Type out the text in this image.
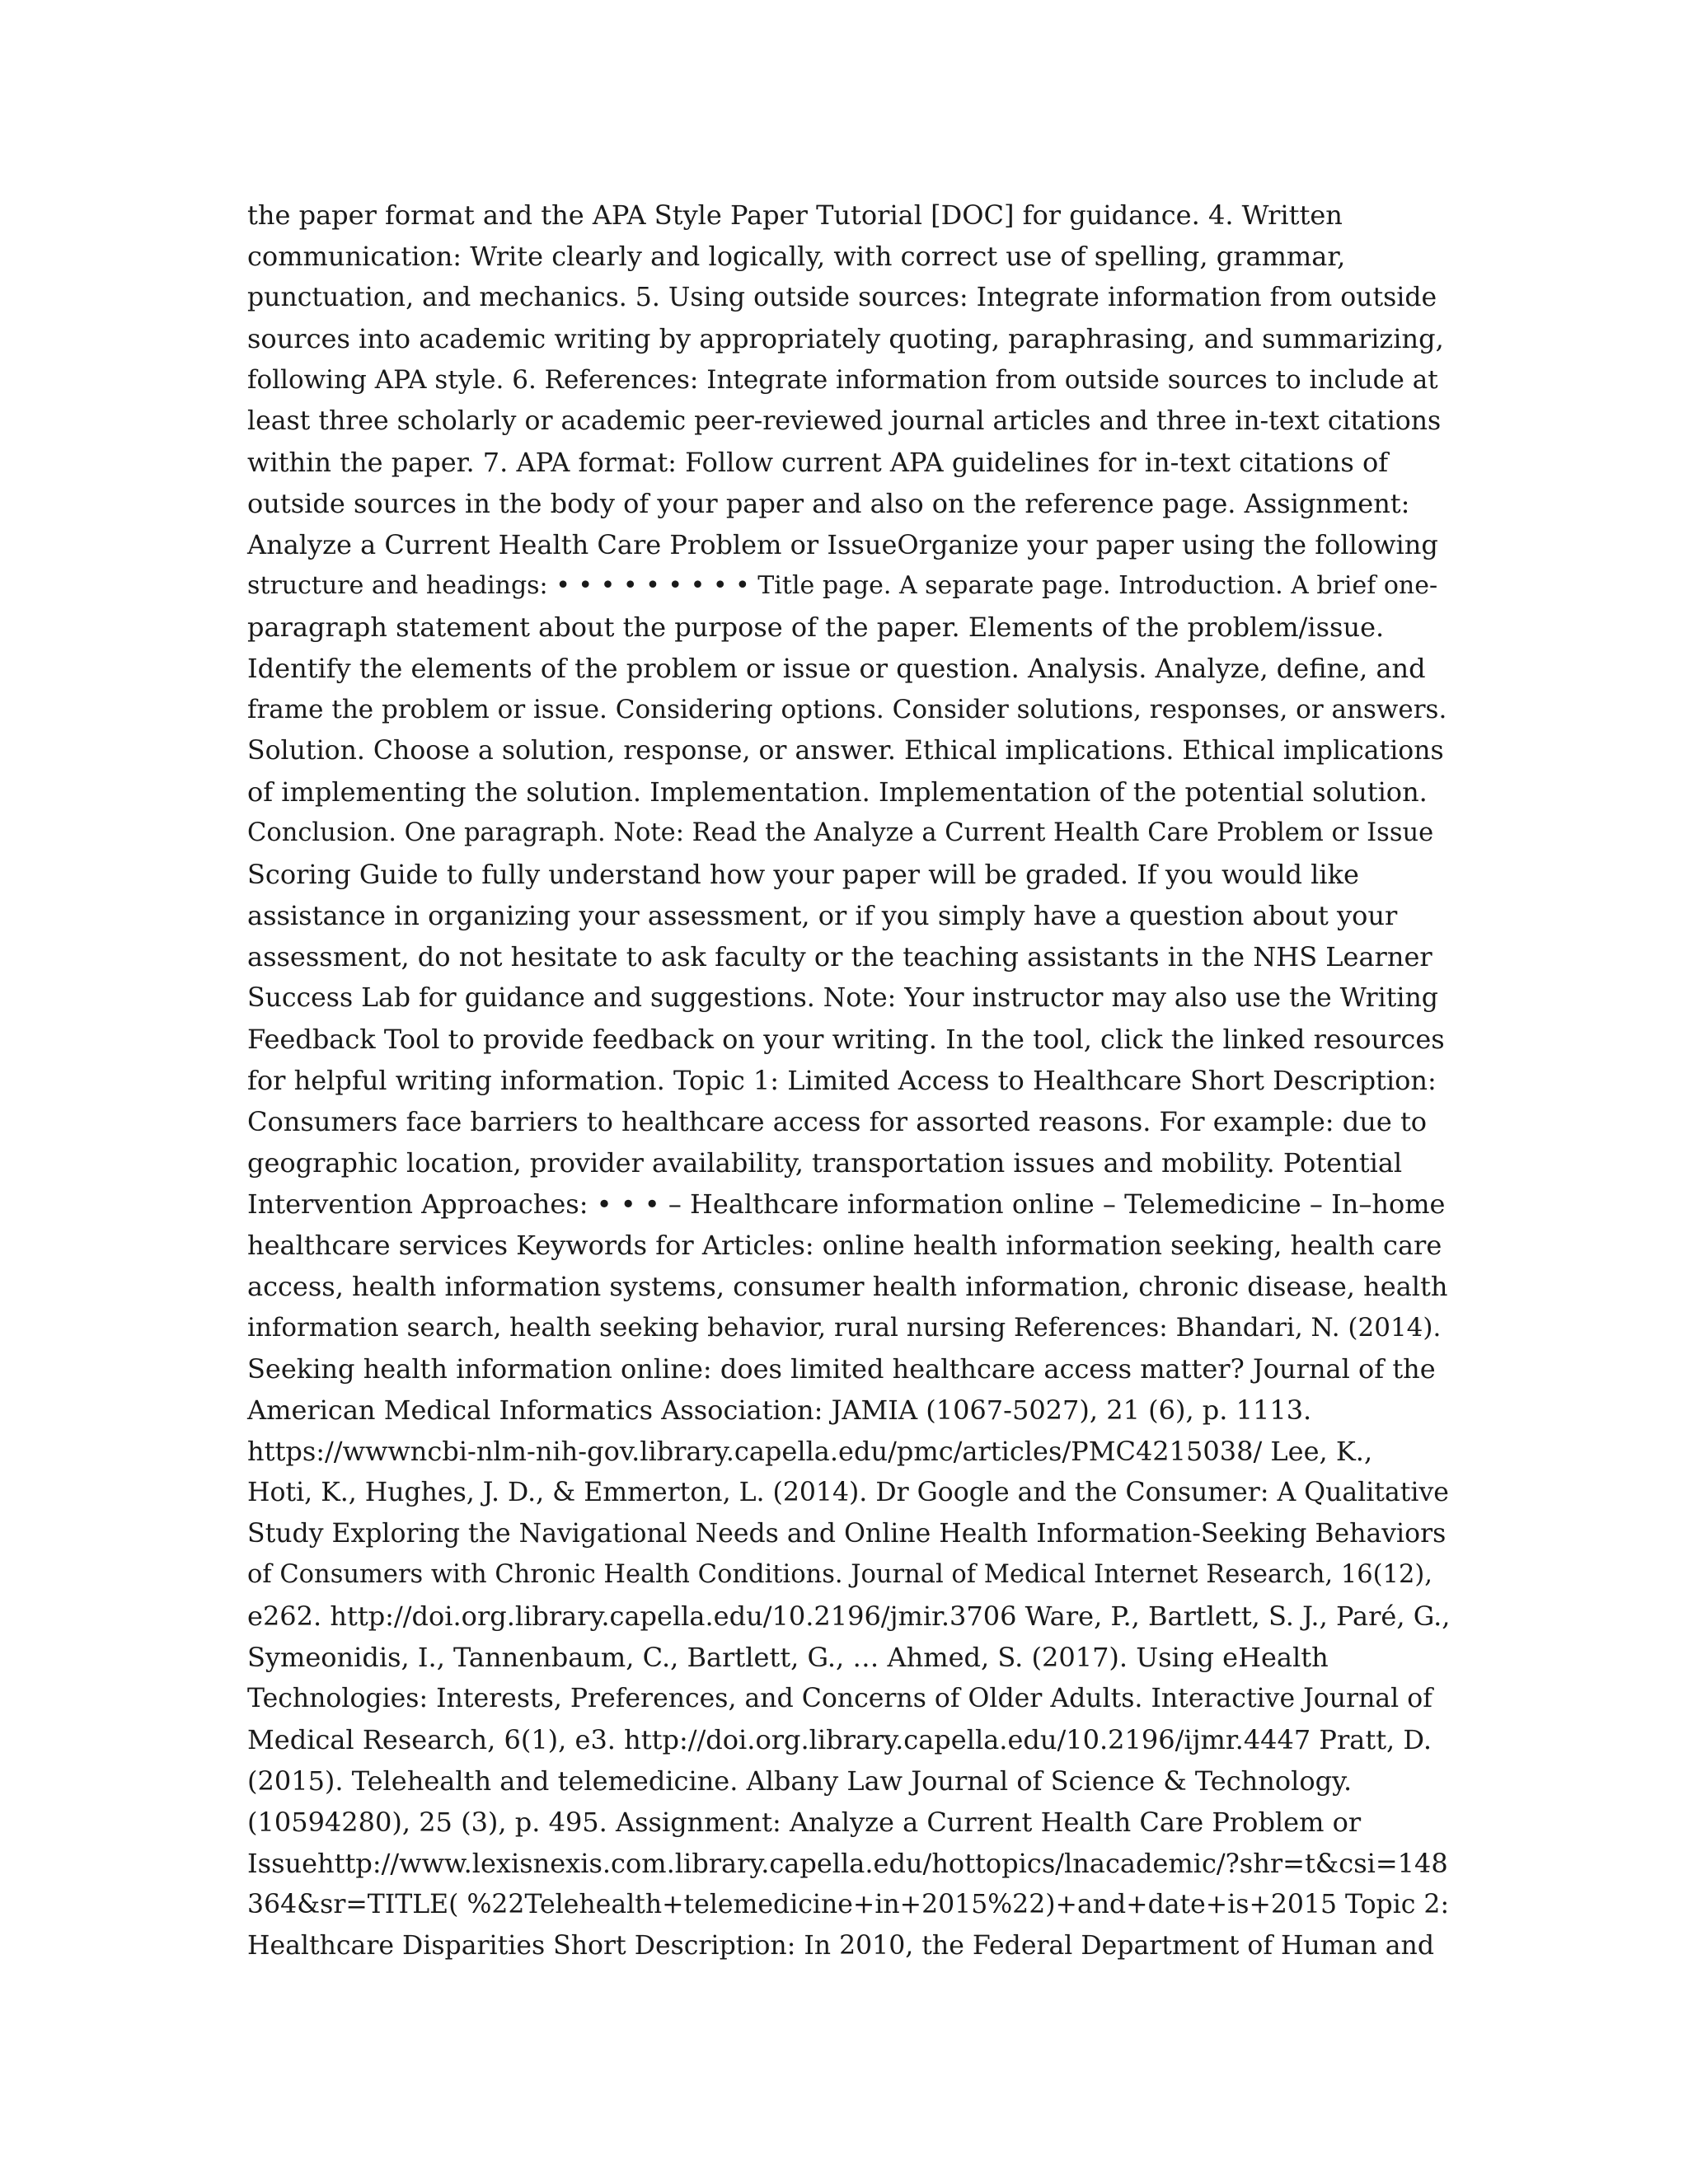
the paper format and the APA Style Paper Tutorial [DOC] for guidance. 4. Written
communication: Write clearly and logically, with correct use of spelling, grammar,
punctuation, and mechanics. 5. Using outside sources: Integrate information from outside
sources into academic writing by appropriately quoting, paraphrasing, and summarizing,
following APA style. 6. References: Integrate information from outside sources to include at
least three scholarly or academic peer-reviewed journal articles and three in-text citations
within the paper. 7. APA format: Follow current APA guidelines for in-text citations of
outside sources in the body of your paper and also on the reference page. Assignment:
Analyze a Current Health Care Problem or IssueOrganize your paper using the following
structure and headings: • • • • • • • • • Title page. A separate page. Introduction. A brief one-
paragraph statement about the purpose of the paper. Elements of the problem/issue.
Identify the elements of the problem or issue or question. Analysis. Analyze, define, and
frame the problem or issue. Considering options. Consider solutions, responses, or answers.
Solution. Choose a solution, response, or answer. Ethical implications. Ethical implications
of implementing the solution. Implementation. Implementation of the potential solution.
Conclusion. One paragraph. Note: Read the Analyze a Current Health Care Problem or Issue
Scoring Guide to fully understand how your paper will be graded. If you would like
assistance in organizing your assessment, or if you simply have a question about your
assessment, do not hesitate to ask faculty or the teaching assistants in the NHS Learner
Success Lab for guidance and suggestions. Note: Your instructor may also use the Writing
Feedback Tool to provide feedback on your writing. In the tool, click the linked resources
for helpful writing information. Topic 1: Limited Access to Healthcare Short Description:
Consumers face barriers to healthcare access for assorted reasons. For example: due to
geographic location, provider availability, transportation issues and mobility. Potential
Intervention Approaches: • • • – Healthcare information online – Telemedicine – In–home
healthcare services Keywords for Articles: online health information seeking, health care
access, health information systems, consumer health information, chronic disease, health
information search, health seeking behavior, rural nursing References: Bhandari, N. (2014).
Seeking health information online: does limited healthcare access matter? Journal of the
American Medical Informatics Association: JAMIA (1067-5027), 21 (6), p. 1113.
https://wwwncbi-nlm-nih-gov.library.capella.edu/pmc/articles/PMC4215038/ Lee, K.,
Hoti, K., Hughes, J. D., & Emmerton, L. (2014). Dr Google and the Consumer: A Qualitative
Study Exploring the Navigational Needs and Online Health Information-Seeking Behaviors
of Consumers with Chronic Health Conditions. Journal of Medical Internet Research, 16(12),
e262. http://doi.org.library.capella.edu/10.2196/jmir.3706 Ware, P., Bartlett, S. J., Paré, G.,
Symeonidis, I., Tannenbaum, C., Bartlett, G., … Ahmed, S. (2017). Using eHealth
Technologies: Interests, Preferences, and Concerns of Older Adults. Interactive Journal of
Medical Research, 6(1), e3. http://doi.org.library.capella.edu/10.2196/ijmr.4447 Pratt, D.
(2015). Telehealth and telemedicine. Albany Law Journal of Science & Technology.
(10594280), 25 (3), p. 495. Assignment: Analyze a Current Health Care Problem or
Issuehttp://www.lexisnexis.com.library.capella.edu/hottopics/lnacademic/?shr=t&csi=148
364&sr=TITLE( %22Telehealth+telemedicine+in+2015%22)+and+date+is+2015 Topic 2:
Healthcare Disparities Short Description: In 2010, the Federal Department of Human and
